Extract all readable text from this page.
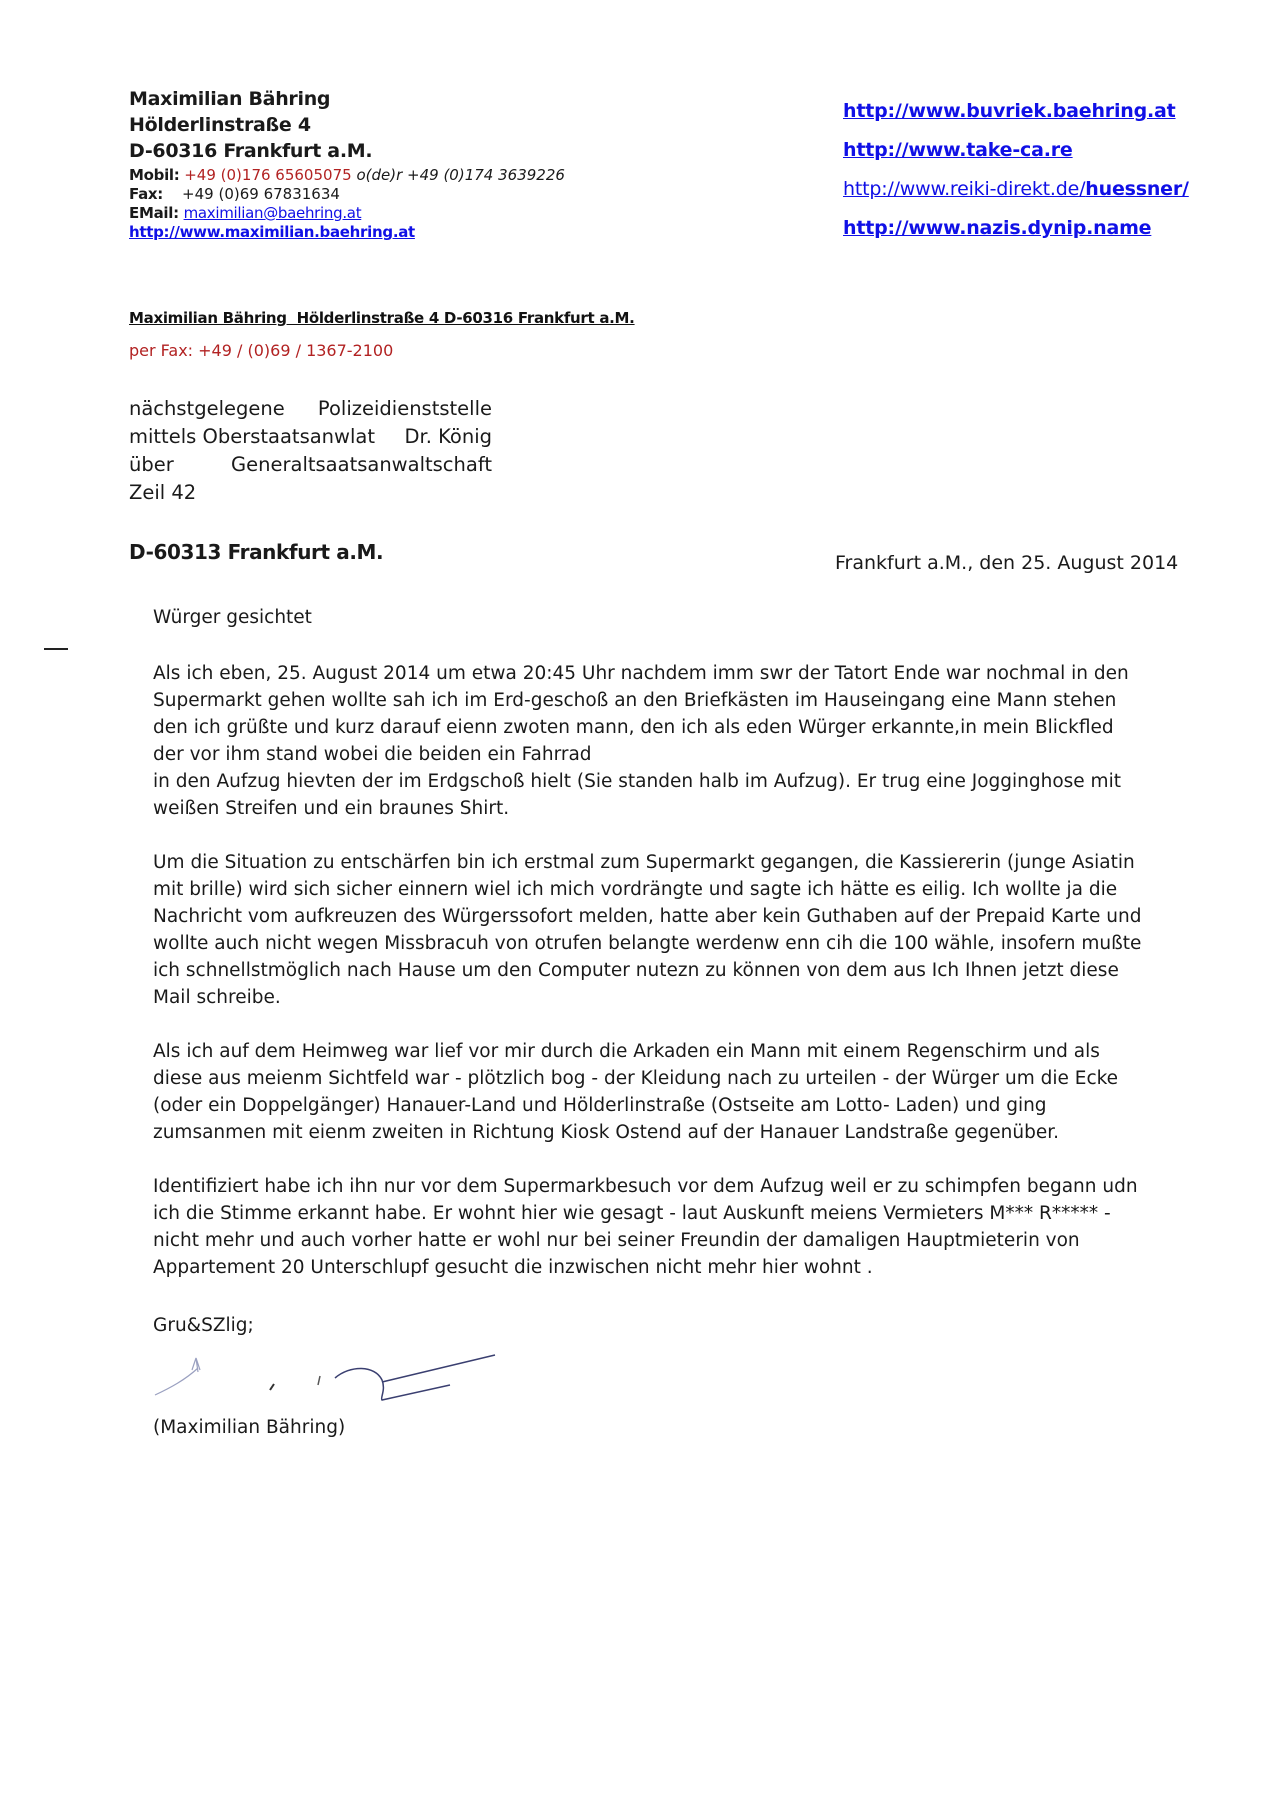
Maximilian Bähring
Hölderlinstraße 4
D-60316 Frankfurt a.M.
Mobil: +49 (0)176 65605075 o(de)r +49 (0)174 3639226
Fax: +49 (0)69 67831634
EMail: maximilian@baehring.at
http://www.maximilian.baehring.at
http://www.buvriek.baehring.at
http://www.take-ca.re
http://www.reiki-direkt.de/huessner/
http://www.nazis.dynip.name
Maximilian Bähring  Hölderlinstraße 4 D-60316 Frankfurt a.M.
per Fax: +49 / (0)69 / 1367-2100
nächstgelegene Polizeidienststelle
mittels Oberstaatsanwlat Dr. König
über	Generaltsaatsanwaltschaft
Zeil 42
D-60313 Frankfurt a.M.	Frankfurt a.M., den 25. August 2014
Würger gesichtet

Als ich eben, 25. August 2014 um etwa 20:45 Uhr nachdem imm swr der Tatort Ende war nochmal in den
Supermarkt gehen wollte sah ich im Erd-geschoß an den Briefkästen im Hauseingang eine Mann stehen
den ich grüßte und kurz darauf eienn zwoten mann, den ich als eden Würger erkannte,in mein Blickfled
der vor ihm stand wobei die beiden ein Fahrrad
in den Aufzug hievten der im Erdgschoß hielt (Sie standen halb im Aufzug). Er trug eine Jogginghose mit
weißen Streifen und ein braunes Shirt.

Um die Situation zu entschärfen bin ich erstmal zum Supermarkt gegangen, die Kassiererin (junge Asiatin
mit brille) wird sich sicher einnern wiel ich mich vordrängte und sagte ich hätte es eilig. Ich wollte ja die
Nachricht vom aufkreuzen des Würgerssofort melden, hatte aber kein Guthaben auf der Prepaid Karte und
wollte auch nicht wegen Missbracuh von otrufen belangte werdenw enn cih die 100 wähle, insofern mußte
ich schnellstmöglich nach Hause um den Computer nutezn zu können von dem aus Ich Ihnen jetzt diese
Mail schreibe.

Als ich auf dem Heimweg war lief vor mir durch die Arkaden ein Mann mit einem Regenschirm und als
diese aus meienm Sichtfeld war - plötzlich bog - der Kleidung nach zu urteilen - der Würger um die Ecke
(oder ein Doppelgänger) Hanauer-Land und Hölderlinstraße (Ostseite am Lotto- Laden) und ging
zumsanmen mit eienm zweiten in Richtung Kiosk Ostend auf der Hanauer Landstraße gegenüber.

Identifiziert habe ich ihn nur vor dem Supermarkbesuch vor dem Aufzug weil er zu schimpfen begann udn
ich die Stimme erkannt habe. Er wohnt hier wie gesagt - laut Auskunft meiens Vermieters M*** R***** -
nicht mehr und auch vorher hatte er wohl nur bei seiner Freundin der damaligen Hauptmieterin von
Appartement 20 Unterschlupf gesucht die inzwischen nicht mehr hier wohnt .

Gru&SZlig;
(Maximilian Bähring)
